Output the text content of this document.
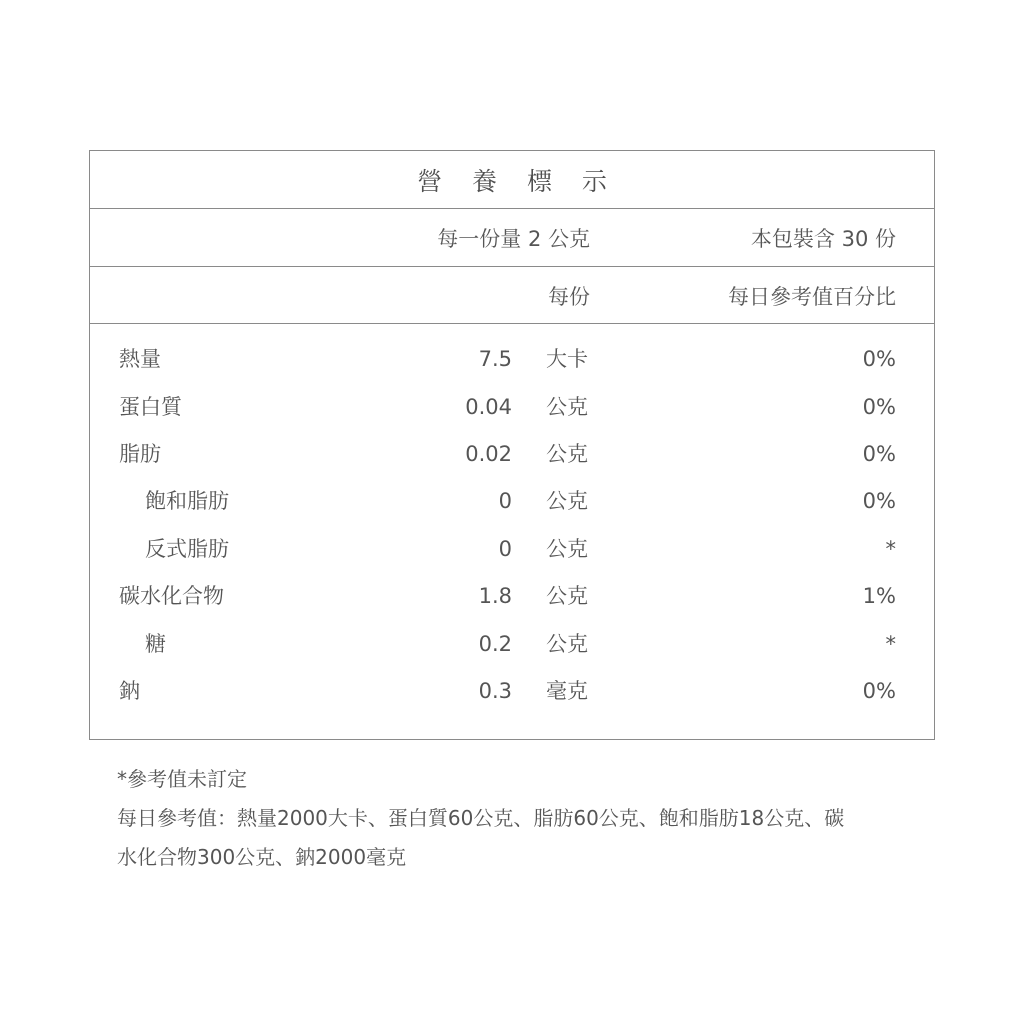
營 養 標 示
每一份量 2 公克	本包裝含 30 份
每份	每日參考值百分比
熱量	7.5 大卡	0%
蛋白質	0.04 公克	0%
脂肪	0.02 公克	0%
飽和脂肪	0 公克	0%
反式脂肪	0 公克	*
碳水化合物	1.8 公克	1%
糖	0.2 公克	*
鈉	0.3 毫克	0%
*參考值未訂定
每日參考值：熱量2000大卡、蛋白質60公克、脂肪60公克、飽和脂肪18公克、碳
水化合物300公克、鈉2000毫克
